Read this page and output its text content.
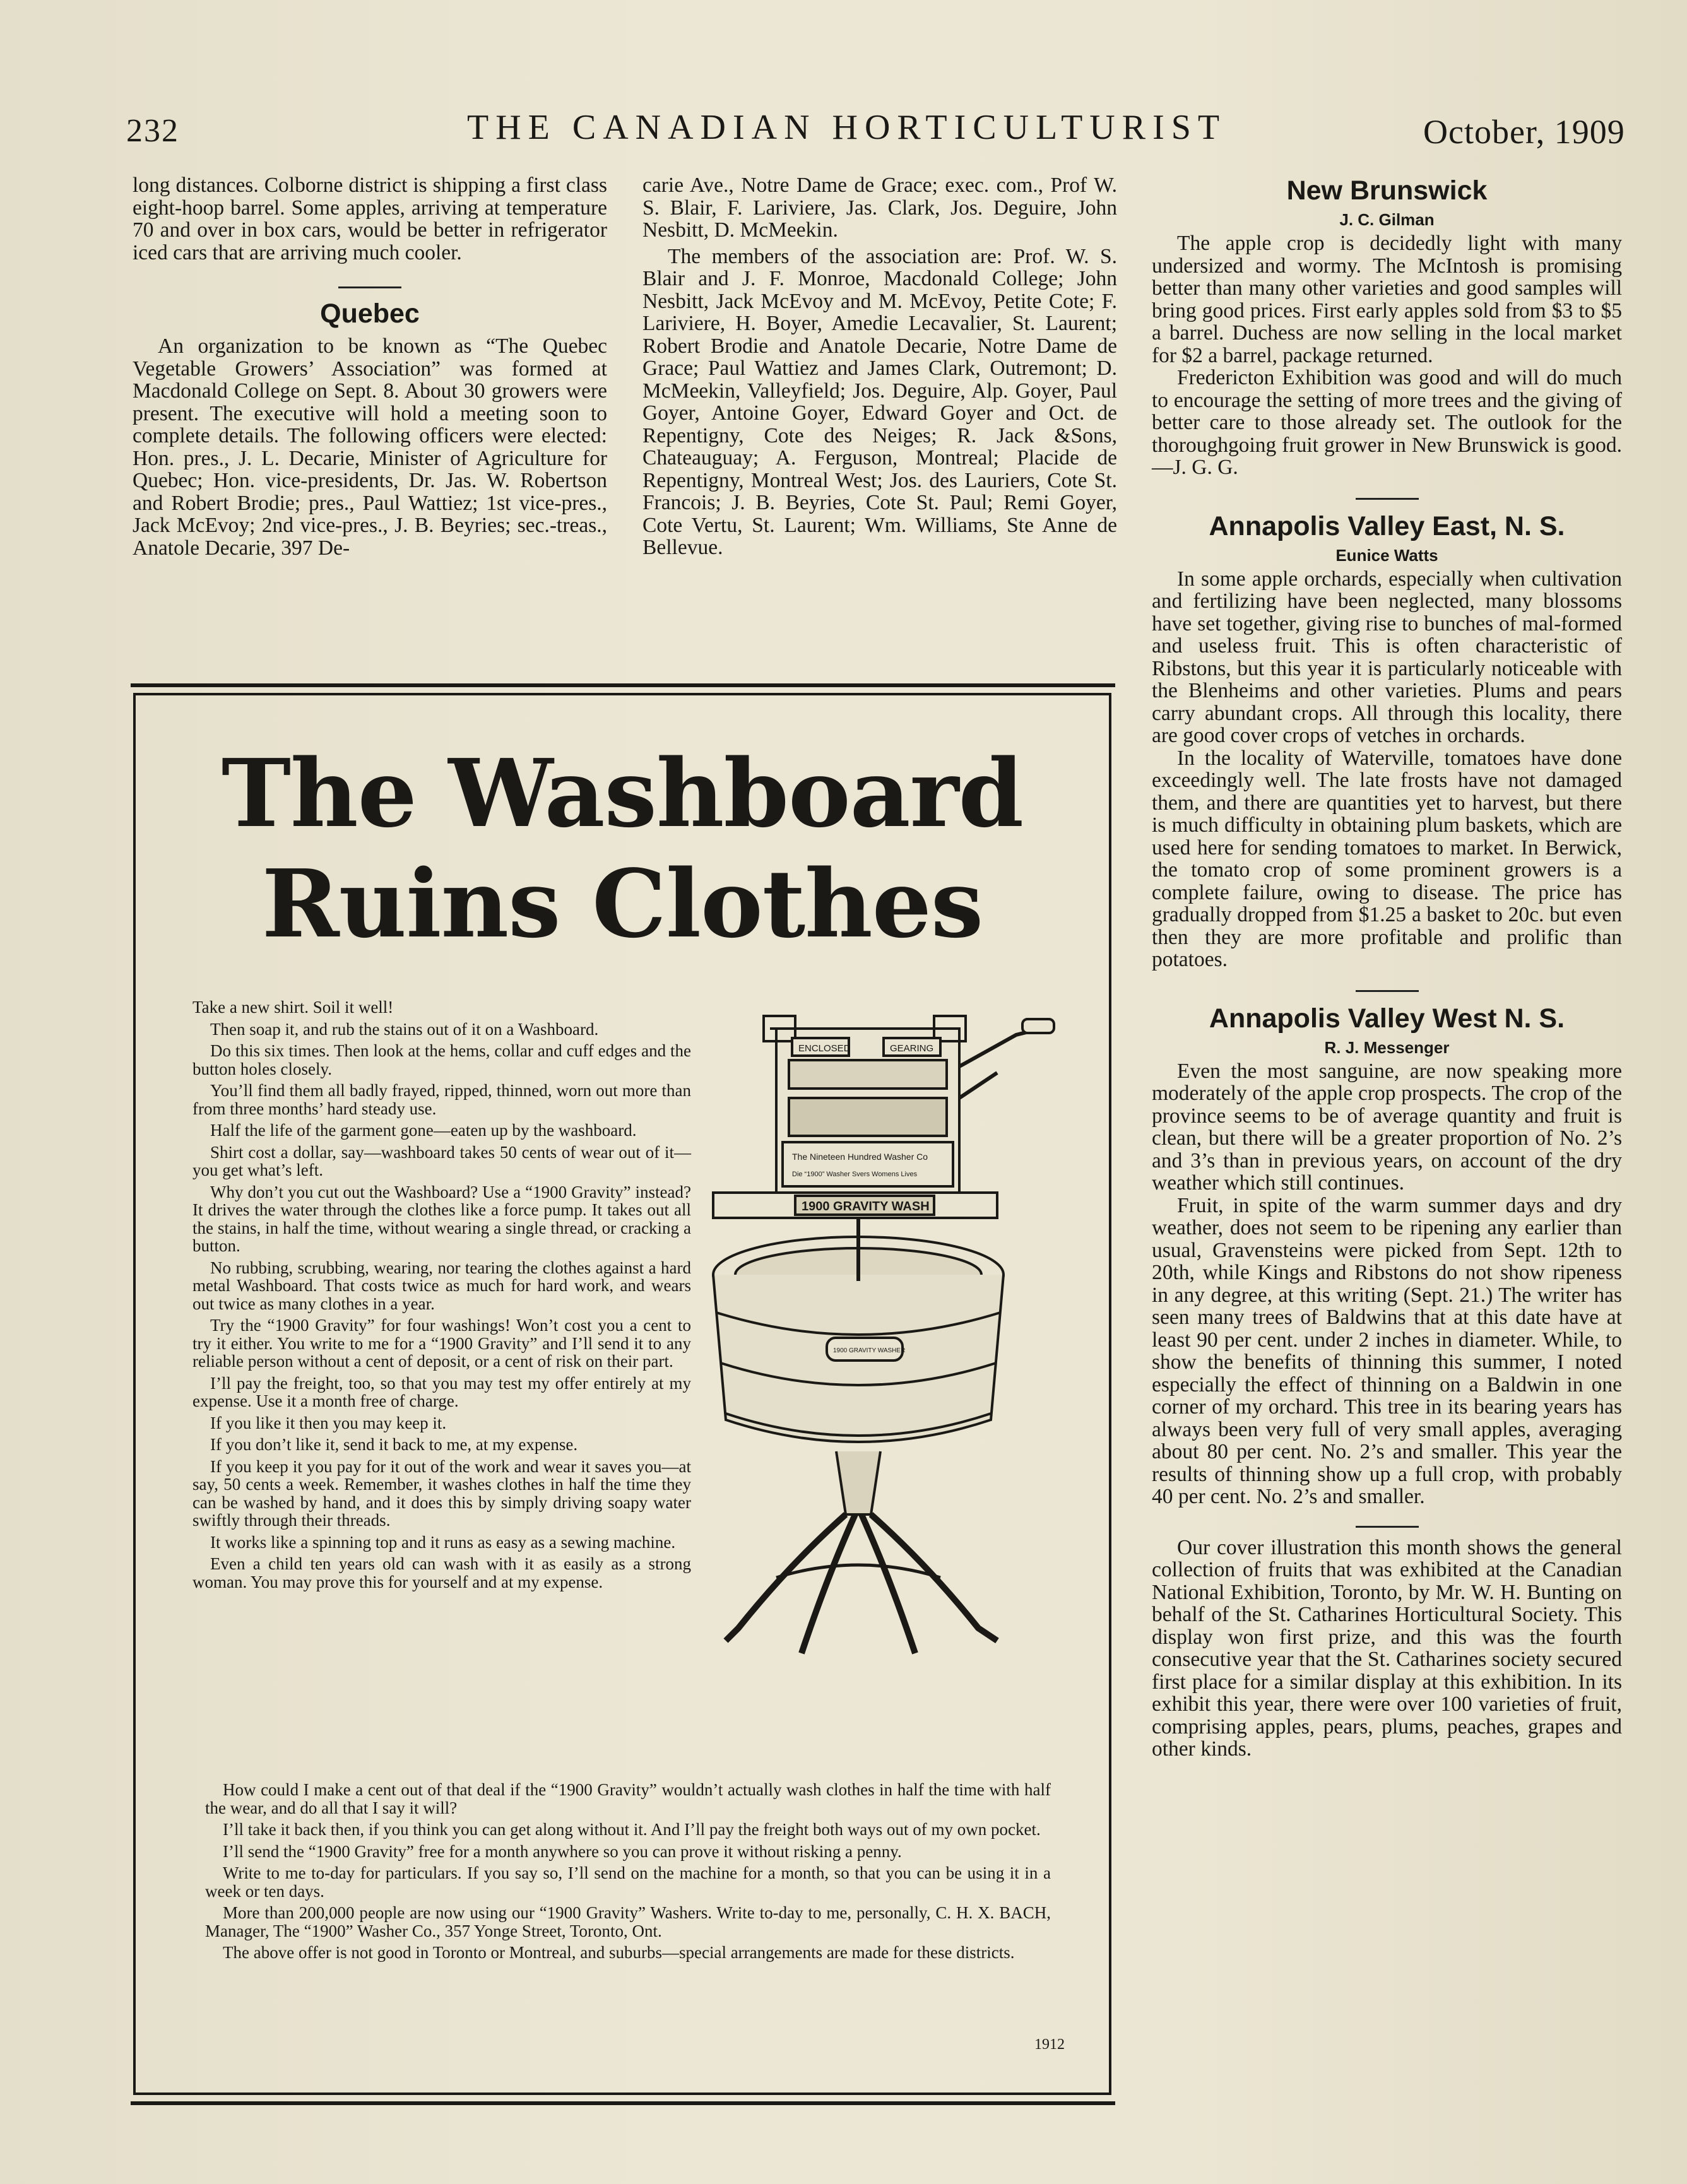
232	THE CANADIAN HORTICULTURIST	October, 1909

long distances. Colborne district is shipping a first class eight-hoop barrel. Some apples, arriving at temperature 70 and over in box cars, would be better in refrigerator iced cars that are arriving much cooler.

Quebec

An organization to be known as “The Quebec Vegetable Growers’ Association” was formed at Macdonald College on Sept. 8. About 30 growers were present. The executive will hold a meeting soon to complete details. The following officers were elected: Hon. pres., J. L. Decarie, Minister of Agriculture for Quebec; Hon. vice-presidents, Dr. Jas. W. Robertson and Robert Brodie; pres., Paul Wattiez; 1st vice-pres., Jack McEvoy; 2nd vice-pres., J. B. Beyries; sec.-treas., Anatole Decarie, 397 De-

carie Ave., Notre Dame de Grace; exec. com., Prof W. S. Blair, F. Lariviere, Jas. Clark, Jos. Deguire, John Nesbitt, D. McMeekin.

The members of the association are: Prof. W. S. Blair and J. F. Monroe, Macdonald College; John Nesbitt, Jack McEvoy and M. McEvoy, Petite Cote; F. Lariviere, H. Boyer, Amedie Lecavalier, St. Laurent; Robert Brodie and Anatole Decarie, Notre Dame de Grace; Paul Wattiez and James Clark, Outremont; D. McMeekin, Valleyfield; Jos. Deguire, Alp. Goyer, Paul Goyer, Antoine Goyer, Edward Goyer and Oct. de Repentigny, Cote des Neiges; R. Jack &Sons, Chateauguay; A. Ferguson, Montreal; Placide de Repentigny, Montreal West; Jos. des Lauriers, Cote St. Francois; J. B. Beyries, Cote St. Paul; Remi Goyer, Cote Vertu, St. Laurent; Wm. Williams, Ste Anne de Bellevue.

New Brunswick
J. C. Gilman

The apple crop is decidedly light with many undersized and wormy. The McIntosh is promising better than many other varieties and good samples will bring good prices. First early apples sold from $3 to $5 a barrel. Duchess are now selling in the local market for $2 a barrel, package returned.

Fredericton Exhibition was good and will do much to encourage the setting of more trees and the giving of better care to those already set. The outlook for the thoroughgoing fruit grower in New Brunswick is good.—J. G. G.

Annapolis Valley East, N. S.
Eunice Watts

In some apple orchards, especially when cultivation and fertilizing have been neglected, many blossoms have set together, giving rise to bunches of mal-formed and useless fruit. This is often characteristic of Ribstons, but this year it is particularly noticeable with the Blenheims and other varieties. Plums and pears carry abundant crops. All through this locality, there are good cover crops of vetches in orchards.

In the locality of Waterville, tomatoes have done exceedingly well. The late frosts have not damaged them, and there are quantities yet to harvest, but there is much difficulty in obtaining plum baskets, which are used here for sending tomatoes to market. In Berwick, the tomato crop of some prominent growers is a complete failure, owing to disease. The price has gradually dropped from $1.25 a basket to 20c. but even then they are more profitable and prolific than potatoes.

Annapolis Valley West N. S.
R. J. Messenger

Even the most sanguine, are now speaking more moderately of the apple crop prospects. The crop of the province seems to be of average quantity and fruit is clean, but there will be a greater proportion of No. 2’s and 3’s than in previous years, on account of the dry weather which still continues.

Fruit, in spite of the warm summer days and dry weather, does not seem to be ripening any earlier than usual, Gravensteins were picked from Sept. 12th to 20th, while Kings and Ribstons do not show ripeness in any degree, at this writing (Sept. 21.) The writer has seen many trees of Baldwins that at this date have at least 90 per cent. under 2 inches in diameter. While, to show the benefits of thinning this summer, I noted especially the effect of thinning on a Baldwin in one corner of my orchard. This tree in its bearing years has always been very full of very small apples, averaging about 80 per cent. No. 2’s and smaller. This year the results of thinning show up a full crop, with probably 40 per cent. No. 2’s and smaller.

Our cover illustration this month shows the general collection of fruits that was exhibited at the Canadian National Exhibition, Toronto, by Mr. W. H. Bunting on behalf of the St. Catharines Horticultural Society. This display won first prize, and this was the fourth consecutive year that the St. Catharines society secured first place for a similar display at this exhibition. In its exhibit this year, there were over 100 varieties of fruit, comprising apples, pears, plums, peaches, grapes and other kinds.

The Washboard
Ruins Clothes

Take a new shirt. Soil it well!

Then soap it, and rub the stains out of it on a Washboard.

Do this six times. Then look at the hems, collar and cuff edges and the button holes closely.

You’ll find them all badly frayed, ripped, thinned, worn out more than from three months’ hard steady use.

Half the life of the garment gone—eaten up by the washboard.

Shirt cost a dollar, say—washboard takes 50 cents of wear out of it—you get what’s left.

Why don’t you cut out the Washboard? Use a “1900 Gravity” instead? It drives the water through the clothes like a force pump. It takes out all the stains, in half the time, without wearing a single thread, or cracking a button.

No rubbing, scrubbing, wearing, nor tearing the clothes against a hard metal Washboard. That costs twice as much for hard work, and wears out twice as many clothes in a year.

Try the “1900 Gravity” for four washings! Won’t cost you a cent to try it either. You write to me for a “1900 Gravity” and I’ll send it to any reliable person without a cent of deposit, or a cent of risk on their part.

I’ll pay the freight, too, so that you may test my offer entirely at my expense. Use it a month free of charge.

If you like it then you may keep it.

If you don’t like it, send it back to me, at my expense.

If you keep it you pay for it out of the work and wear it saves you—at say, 50 cents a week. Remember, it washes clothes in half the time they can be washed by hand, and it does this by simply driving soapy water swiftly through their threads.

It works like a spinning top and it runs as easy as a sewing machine.

Even a child ten years old can wash with it as easily as a strong woman. You may prove this for yourself and at my expense.

How could I make a cent out of that deal if the “1900 Gravity” wouldn’t actually wash clothes in half the time with half the wear, and do all that I say it will?

I’ll take it back then, if you think you can get along without it. And I’ll pay the freight both ways out of my own pocket.

I’ll send the “1900 Gravity” free for a month anywhere so you can prove it without risking a penny.

Write to me to-day for particulars. If you say so, I’ll send on the machine for a month, so that you can be using it in a week or ten days.

More than 200,000 people are now using our “1900 Gravity” Washers. Write to-day to me, personally, C. H. X. BACH, Manager, The “1900” Washer Co., 357 Yonge Street, Toronto, Ont.

The above offer is not good in Toronto or Montreal, and suburbs—special arrangements are made for these districts.

1912
ENCLOSED	GEARING
The Nineteen Hundred Washer Co
Die “1900” Washer Svers Womens Lives
1900 GRAVITY WASH
1900 GRAVITY WASHER
